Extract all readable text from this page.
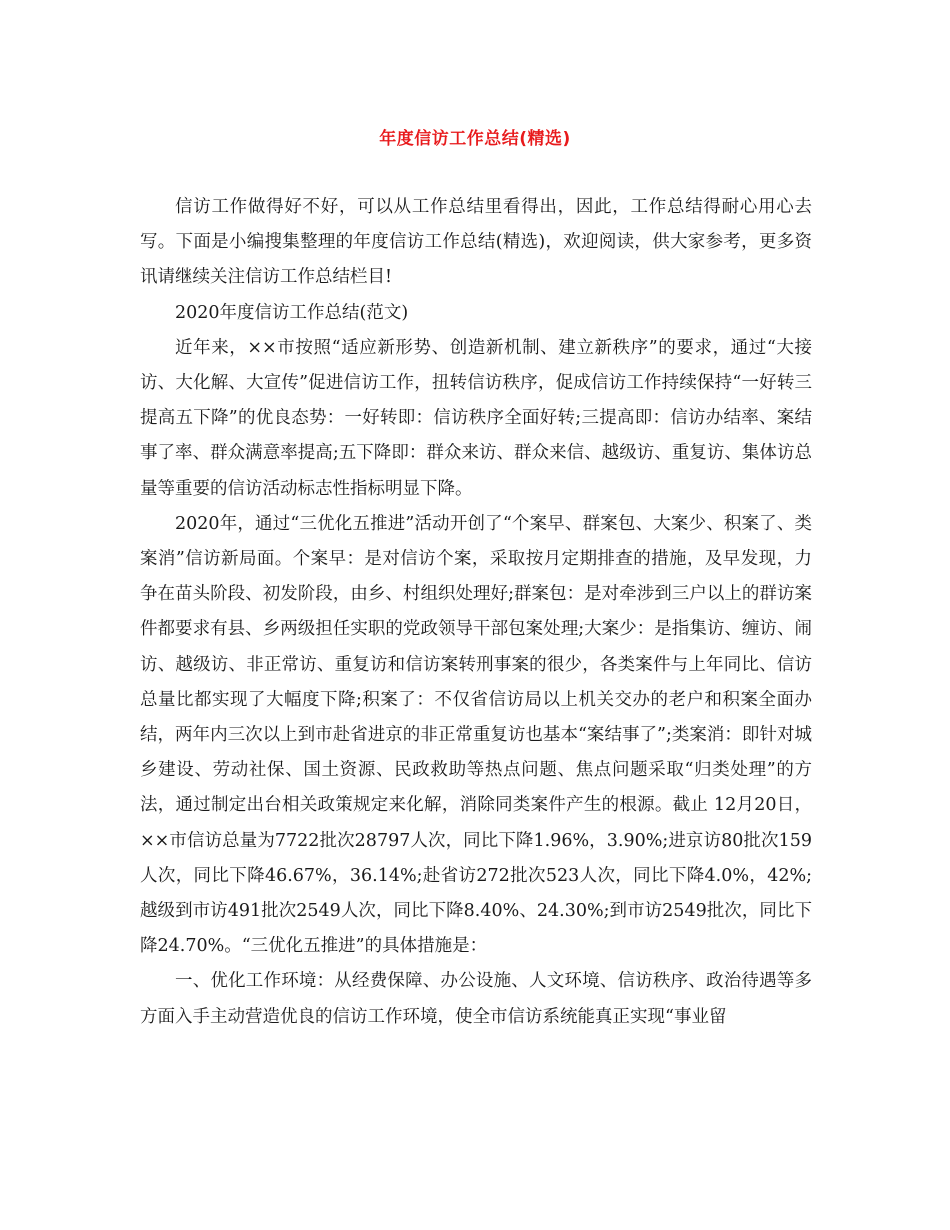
年度信访工作总结(精选)

信访工作做得好不好，可以从工作总结里看得出，因此，工作总结得耐心用心去写。下面是小编搜集整理的年度信访工作总结(精选)，欢迎阅读，供大家参考，更多资讯请继续关注信访工作总结栏目!

2020年度信访工作总结(范文)

近年来，××市按照“适应新形势、创造新机制、建立新秩序”的要求，通过“大接访、大化解、大宣传”促进信访工作，扭转信访秩序，促成信访工作持续保持“一好转三提高五下降”的优良态势：一好转即：信访秩序全面好转;三提高即：信访办结率、案结事了率、群众满意率提高;五下降即：群众来访、群众来信、越级访、重复访、集体访总量等重要的信访活动标志性指标明显下降。

2020年，通过“三优化五推进”活动开创了“个案早、群案包、大案少、积案了、类案消”信访新局面。个案早：是对信访个案，采取按月定期排查的措施，及早发现，力争在苗头阶段、初发阶段，由乡、村组织处理好;群案包：是对牵涉到三户以上的群访案件都要求有县、乡两级担任实职的党政领导干部包案处理;大案少：是指集访、缠访、闹访、越级访、非正常访、重复访和信访案转刑事案的很少，各类案件与上年同比、信访总量比都实现了大幅度下降;积案了：不仅省信访局以上机关交办的老户和积案全面办结，两年内三次以上到市赴省进京的非正常重复访也基本“案结事了”;类案消：即针对城乡建设、劳动社保、国土资源、民政救助等热点问题、焦点问题采取“归类处理”的方法，通过制定出台相关政策规定来化解，消除同类案件产生的根源。截止 12月20日，××市信访总量为7722批次28797人次，同比下降1.96%，3.90%;进京访80批次159人次，同比下降46.67%，36.14%;赴省访272批次523人次，同比下降4.0%，42%;越级到市访491批次2549人次，同比下降8.40%、24.30%;到市访2549批次，同比下降24.70%。“三优化五推进”的具体措施是：

一、优化工作环境：从经费保障、办公设施、人文环境、信访秩序、政治待遇等多方面入手主动营造优良的信访工作环境，使全市信访系统能真正实现“事业留
